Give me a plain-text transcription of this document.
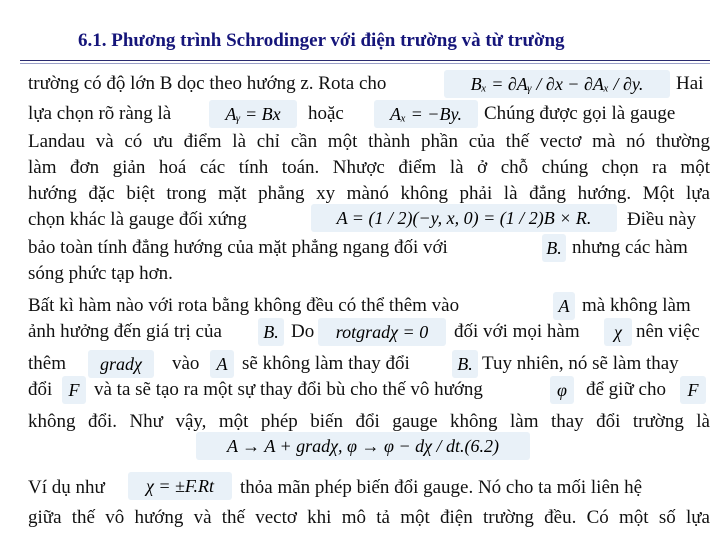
6.1. Phương trình Schrodinger với điện trường và từ trường
trường có độ lớn B dọc theo hướng z. Rota cho	Hai
Bₓ = ∂Aᵧ / ∂x − ∂Aₓ / ∂y.
lựa chọn rõ ràng là	Aᵧ = Bx	hoặc	Aₓ = −By.	Chúng được gọi là gauge
Landau và có ưu điểm là chỉ cần một thành phần của thế vectơ mà nó thường
làm đơn giản hoá các tính toán. Nhược điểm là ở chỗ chúng chọn ra một
hướng đặc biệt trong mặt phẳng xy mànó không phải là đẳng hướng. Một lựa
chọn khác là gauge đối xứng	A = (1 / 2)(−y, x, 0) = (1 / 2)B × R.	Điều này
bảo toàn tính đẳng hướng của mặt phẳng ngang đối với	B. nhưng các hàm
sóng phức tạp hơn.
Bất kì hàm nào với rota bằng không đều có thể thêm vào	A mà không làm
ảnh hưởng đến giá trị của	B. Do	rotgradχ = 0	đối với mọi hàm	χ nên việc
thêm	gradχ	vào A sẽ không làm thay đổi	B. Tuy nhiên, nó sẽ làm thay
đổi F và ta sẽ tạo ra một sự thay đổi bù cho thế vô hướng	φ	để giữ cho	F
không đổi. Như vậy, một phép biến đổi gauge không làm thay đổi trường là
A → A + gradχ, φ → φ − dχ / dt.(6.2)
Ví dụ như	χ = ±F.Rt	thỏa mãn phép biến đổi gauge. Nó cho ta mối liên hệ
giữa thế vô hướng và thế vectơ khi mô tả một điện trường đều. Có một số lựa
